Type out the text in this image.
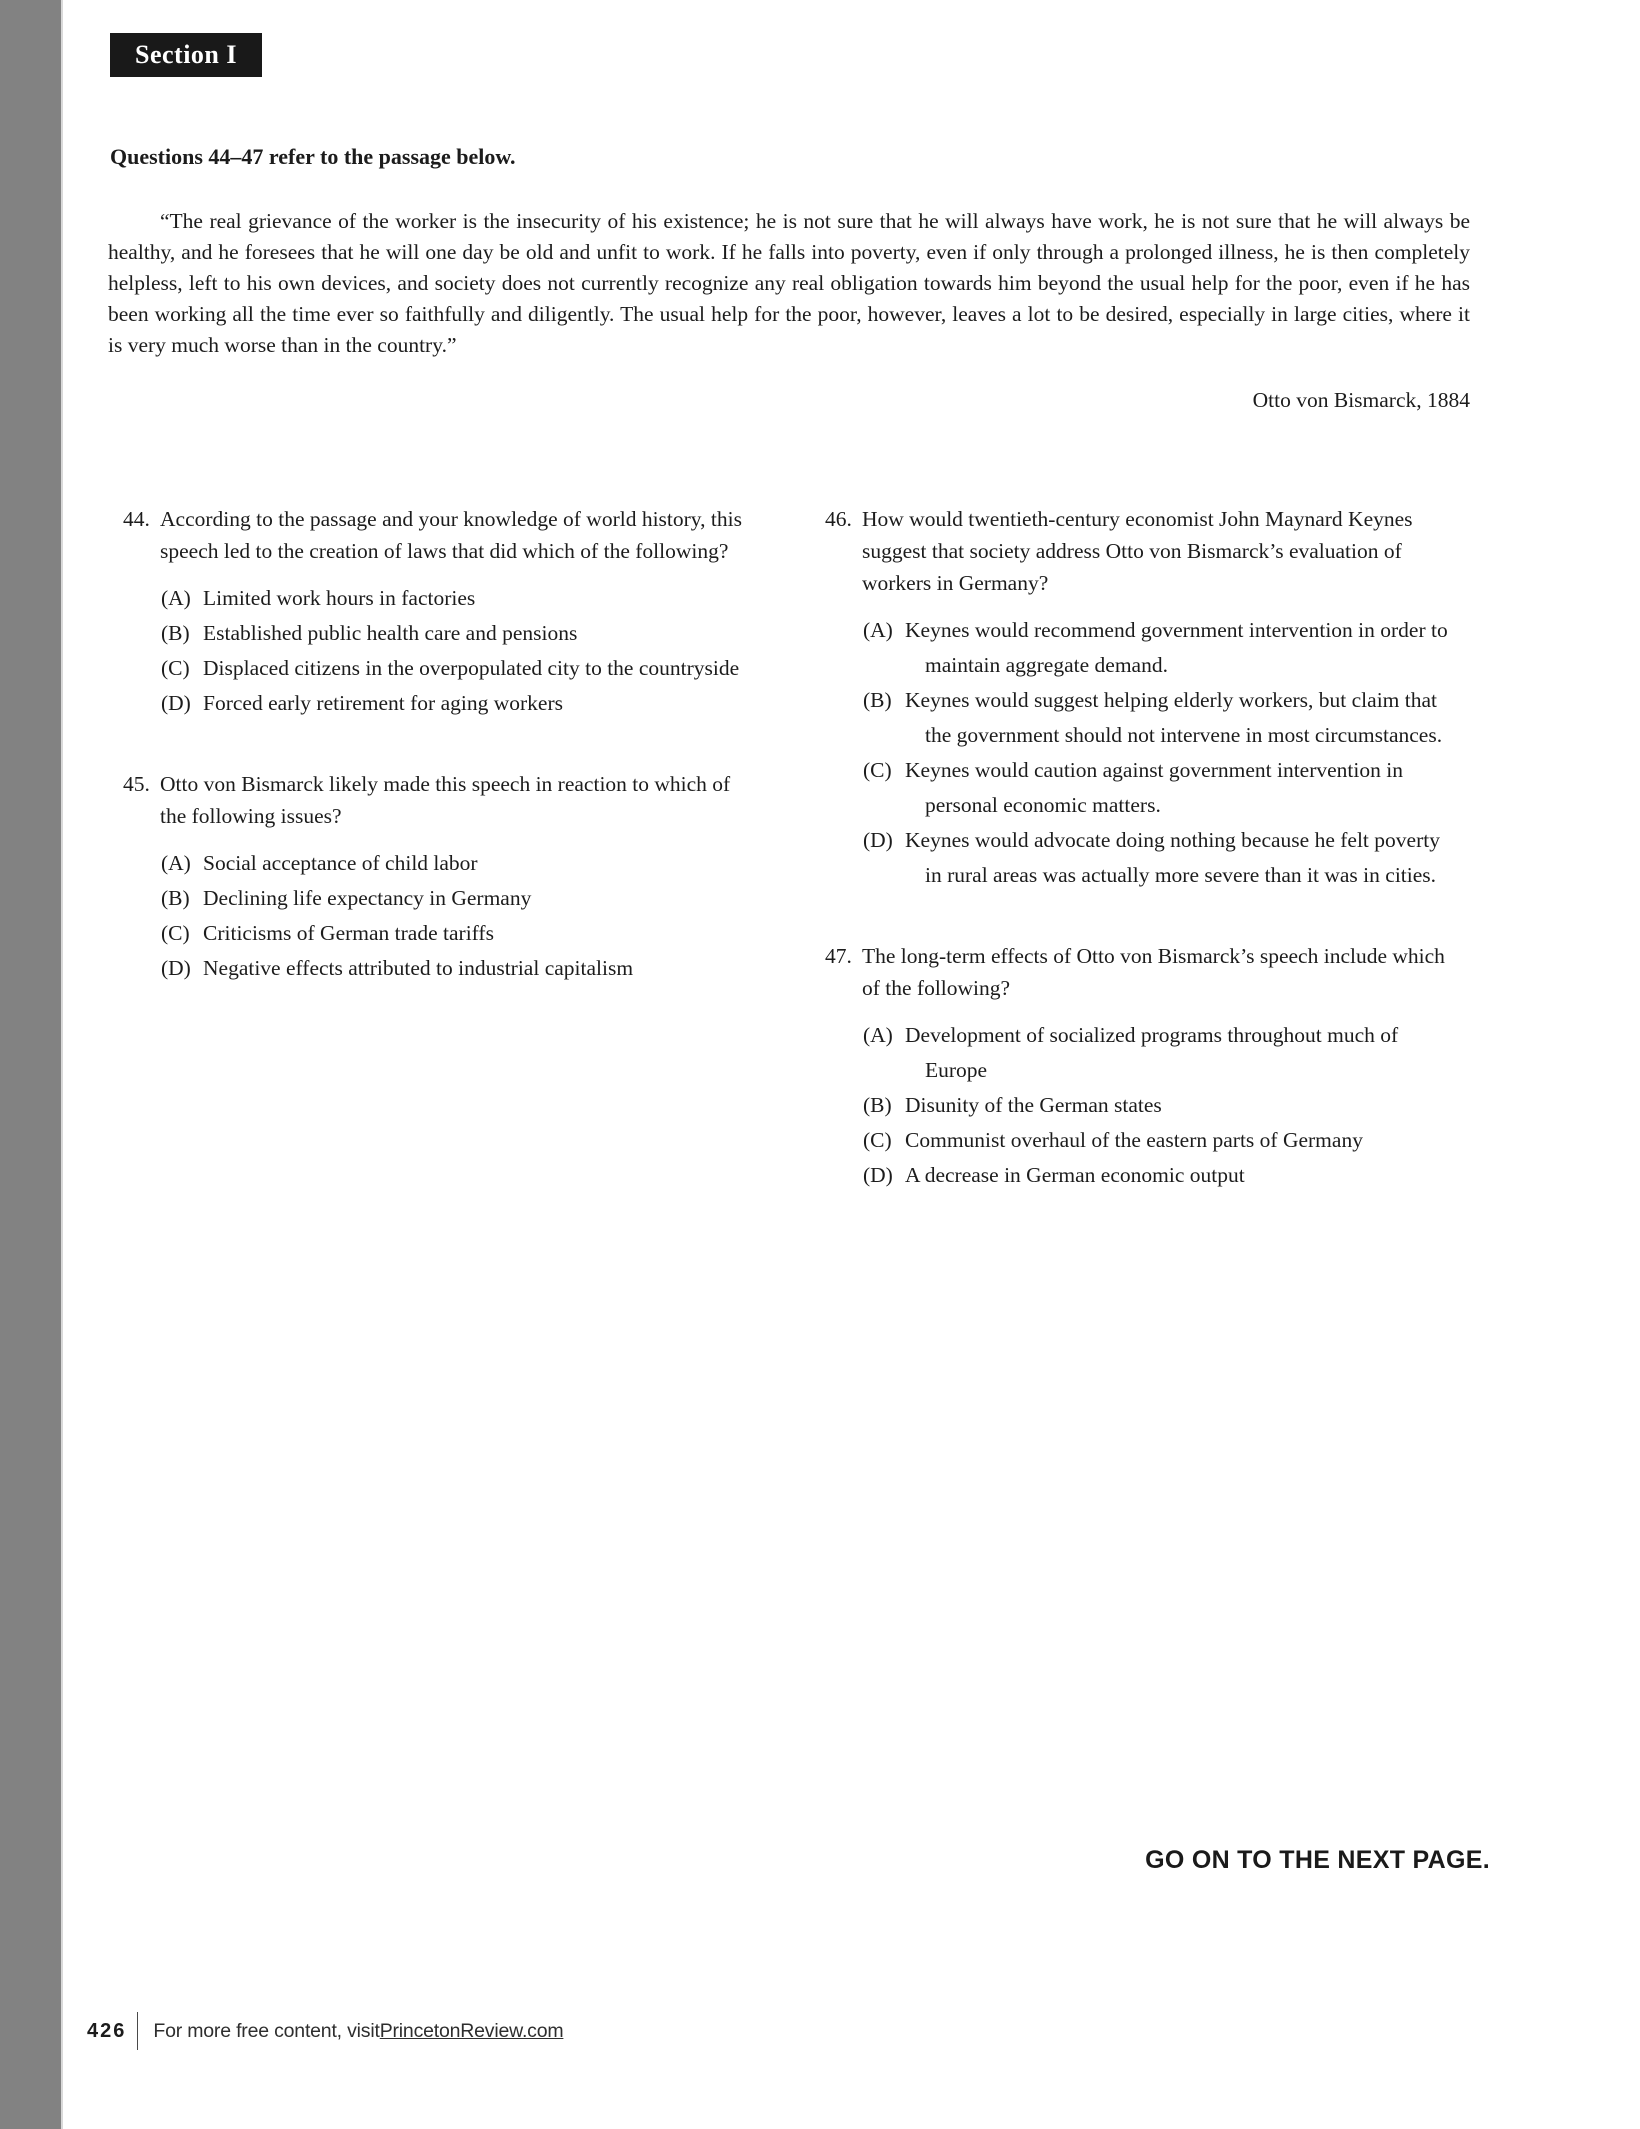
Section I
Questions 44–47 refer to the passage below.
“The real grievance of the worker is the insecurity of his existence; he is not sure that he will always have work, he is not sure that he will always be healthy, and he foresees that he will one day be old and unfit to work. If he falls into poverty, even if only through a prolonged illness, he is then completely helpless, left to his own devices, and society does not currently recognize any real obligation towards him beyond the usual help for the poor, even if he has been working all the time ever so faithfully and diligently. The usual help for the poor, however, leaves a lot to be desired, especially in large cities, where it is very much worse than in the country.”
Otto von Bismarck, 1884
44. According to the passage and your knowledge of world history, this speech led to the creation of laws that did which of the following?
(A) Limited work hours in factories
(B) Established public health care and pensions
(C) Displaced citizens in the overpopulated city to the countryside
(D) Forced early retirement for aging workers
45. Otto von Bismarck likely made this speech in reaction to which of the following issues?
(A) Social acceptance of child labor
(B) Declining life expectancy in Germany
(C) Criticisms of German trade tariffs
(D) Negative effects attributed to industrial capitalism
46. How would twentieth-century economist John Maynard Keynes suggest that society address Otto von Bismarck’s evaluation of workers in Germany?
(A) Keynes would recommend government intervention in order to maintain aggregate demand.
(B) Keynes would suggest helping elderly workers, but claim that the government should not intervene in most circumstances.
(C) Keynes would caution against government intervention in personal economic matters.
(D) Keynes would advocate doing nothing because he felt poverty in rural areas was actually more severe than it was in cities.
47. The long-term effects of Otto von Bismarck’s speech include which of the following?
(A) Development of socialized programs throughout much of Europe
(B) Disunity of the German states
(C) Communist overhaul of the eastern parts of Germany
(D) A decrease in German economic output
GO ON TO THE NEXT PAGE.
426 For more free content, visit PrincetonReview.com
